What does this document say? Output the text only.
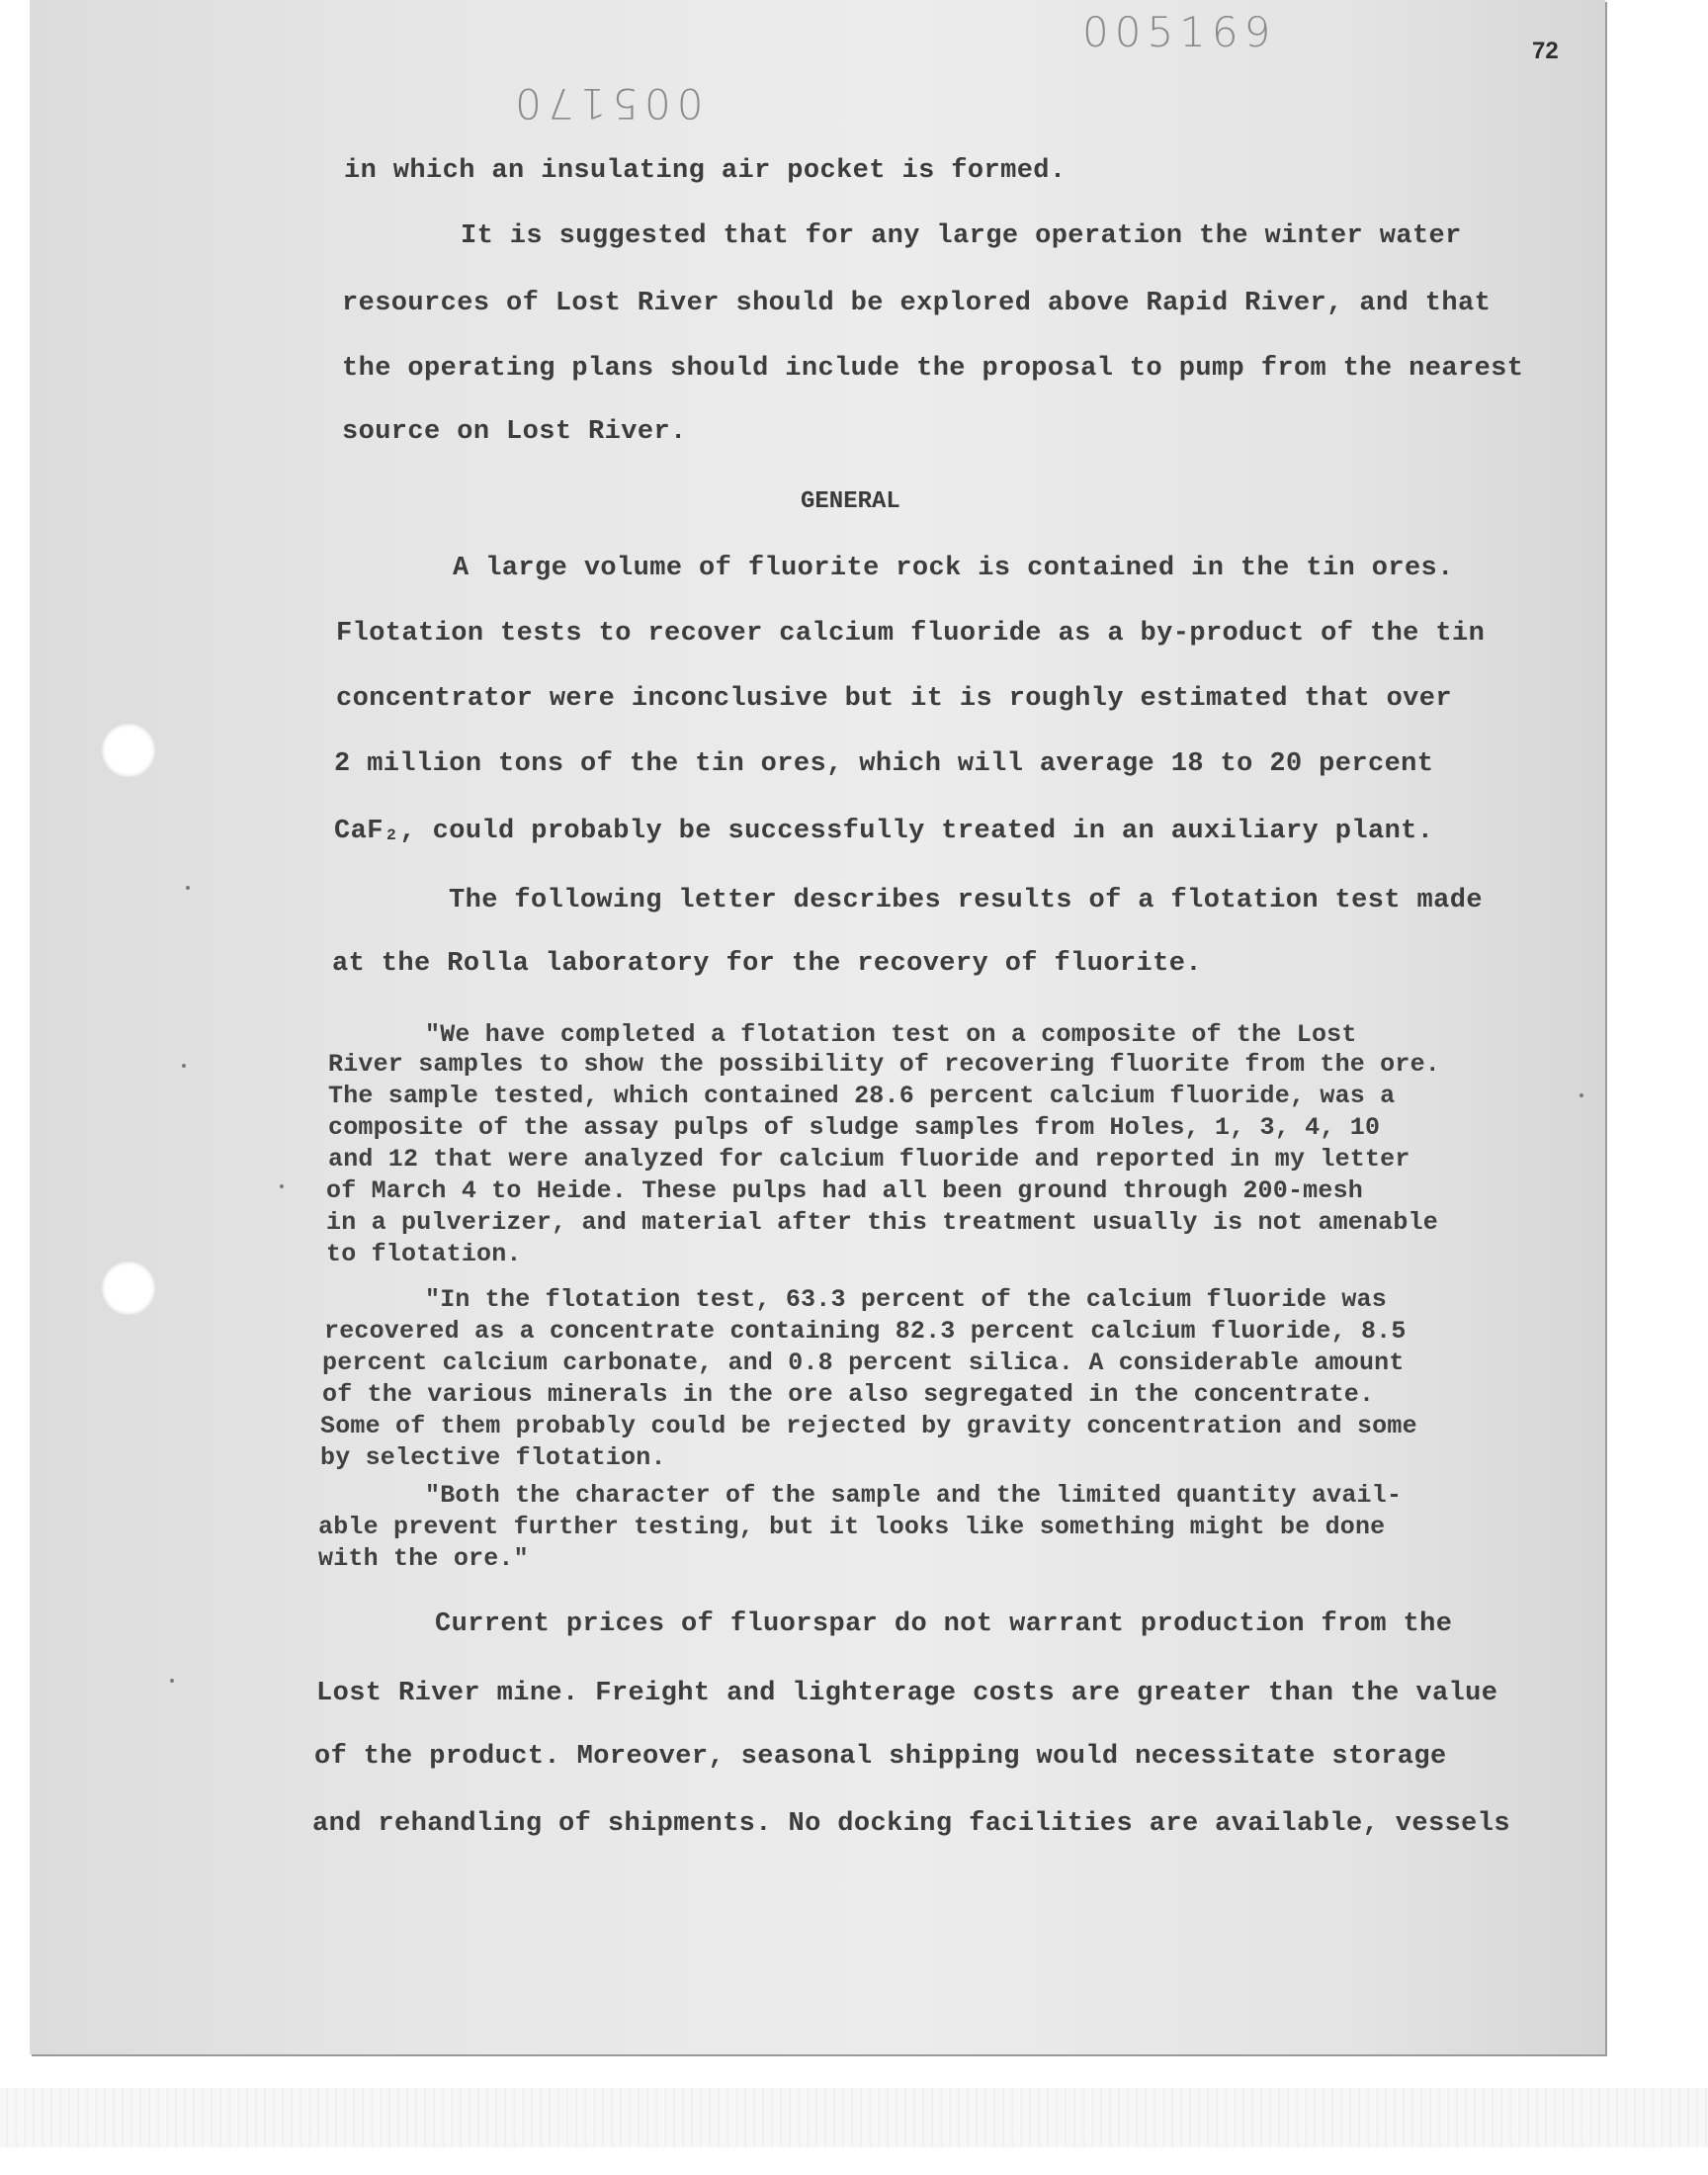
005169
005170
72
in which an insulating air pocket is formed.
It is suggested that for any large operation the winter water
resources of Lost River should be explored above Rapid River, and that
the operating plans should include the proposal to pump from the nearest
source on Lost River.
GENERAL
A large volume of fluorite rock is contained in the tin ores.
Flotation tests to recover calcium fluoride as a by-product of the tin
concentrator were inconclusive but it is roughly estimated that over
2 million tons of the tin ores, which will average 18 to 20 percent
CaF₂, could probably be successfully treated in an auxiliary plant.
The following letter describes results of a flotation test made
at the Rolla laboratory for the recovery of fluorite.
"We have completed a flotation test on a composite of the Lost
River samples to show the possibility of recovering fluorite from the ore.
The sample tested, which contained 28.6 percent calcium fluoride, was a
composite of the assay pulps of sludge samples from Holes, 1, 3, 4, 10
and 12 that were analyzed for calcium fluoride and reported in my letter
of March 4 to Heide. These pulps had all been ground through 200-mesh
in a pulverizer, and material after this treatment usually is not amenable
to flotation.
"In the flotation test, 63.3 percent of the calcium fluoride was
recovered as a concentrate containing 82.3 percent calcium fluoride, 8.5
percent calcium carbonate, and 0.8 percent silica. A considerable amount
of the various minerals in the ore also segregated in the concentrate.
Some of them probably could be rejected by gravity concentration and some
by selective flotation.
"Both the character of the sample and the limited quantity avail-
able prevent further testing, but it looks like something might be done
with the ore."
Current prices of fluorspar do not warrant production from the
Lost River mine. Freight and lighterage costs are greater than the value
of the product. Moreover, seasonal shipping would necessitate storage
and rehandling of shipments. No docking facilities are available, vessels
